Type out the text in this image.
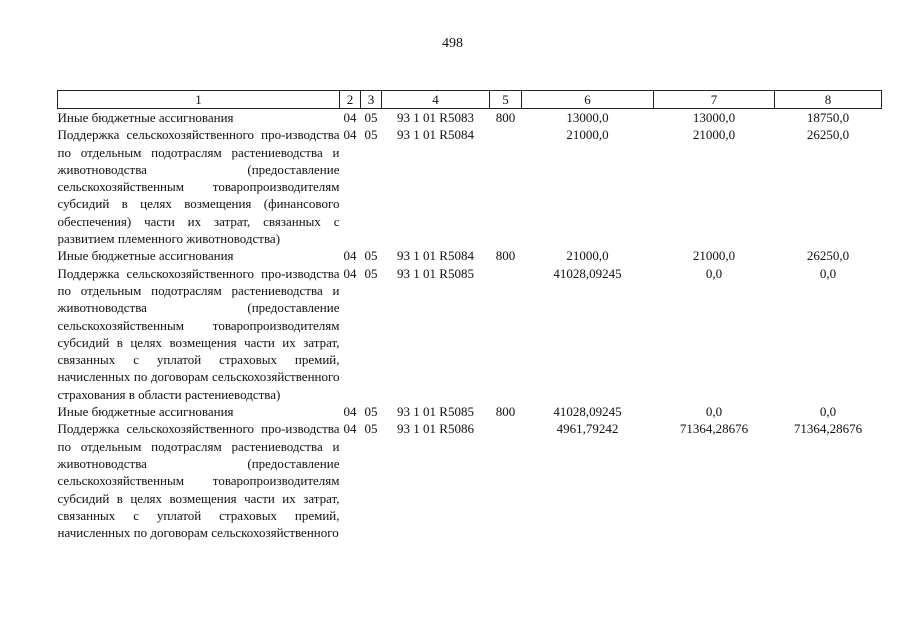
498
1	2	3	4	5	6	7	8
Иные бюджетные ассигнования	04	05	93 1 01 R5083	800	13000,0	13000,0	18750,0
Поддержка сельскохозяйственного про-изводства по отдельным подотраслям растениеводства и животноводства (предоставление сельскохозяйственным товаропроизводителям субсидий в целях возмещения (финансового обеспечения) части их затрат, связанных с развитием племенного животноводства)	04	05	93 1 01 R5084		21000,0	21000,0	26250,0
Иные бюджетные ассигнования	04	05	93 1 01 R5084	800	21000,0	21000,0	26250,0
Поддержка сельскохозяйственного про-изводства по отдельным подотраслям растениеводства и животноводства (предоставление сельскохозяйственным товаропроизводителям субсидий в целях возмещения части их затрат, связанных с уплатой страховых премий, начисленных по договорам сельскохозяйственного страхования в области растениеводства)	04	05	93 1 01 R5085		41028,09245	0,0	0,0
Иные бюджетные ассигнования	04	05	93 1 01 R5085	800	41028,09245	0,0	0,0
Поддержка сельскохозяйственного про-изводства по отдельным подотраслям растениеводства и животноводства (предоставление сельскохозяйственным товаропроизводителям субсидий в целях возмещения части их затрат, связанных с уплатой страховых премий, начисленных по договорам сельскохозяйственного	04	05	93 1 01 R5086		4961,79242	71364,28676	71364,28676
